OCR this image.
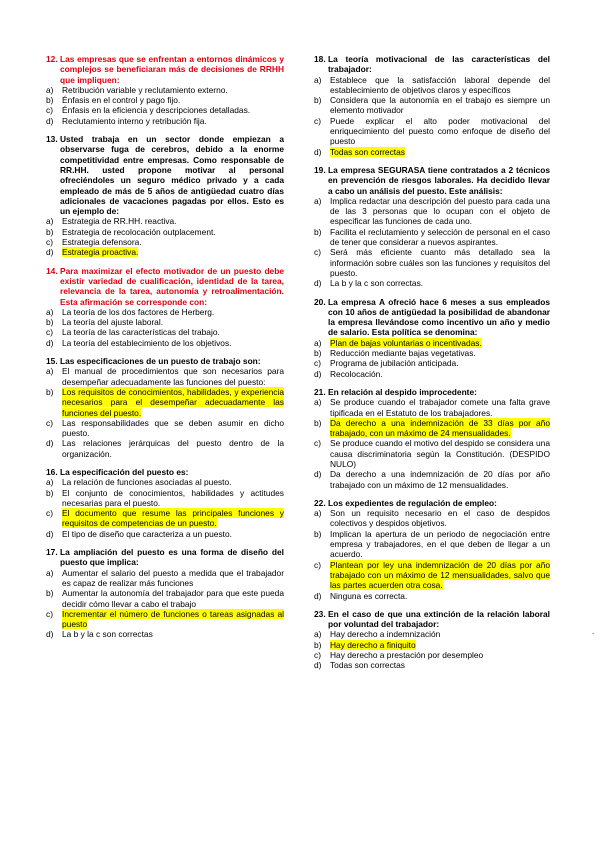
12. Las empresas que se enfrentan a entornos dinámicos y complejos se beneficiaran más de decisiones de RRHH que impliquen:
a)	Retribución variable y reclutamiento externo.
b)	Énfasis en el control y pago fijo.
c)	Énfasis en la eficiencia y descripciones detalladas.
d)	Reclutamiento interno y retribución fija.
13. Usted trabaja en un sector donde empiezan a observarse fuga de cerebros, debido a la enorme competitividad entre empresas. Como responsable de RR.HH. usted propone motivar al personal ofreciéndoles un seguro médico privado y a cada empleado de más de 5 años de antigüedad cuatro días adicionales de vacaciones pagadas por ellos. Esto es un ejemplo de:
a)	Estrategia de RR.HH. reactiva.
b)	Estrategia de recolocación outplacement.
c)	Estrategia defensora.
d)	Estrategia proactiva.
14. Para maximizar el efecto motivador de un puesto debe existir variedad de cualificación, identidad de la tarea, relevancia de la tarea, autonomía y retroalimentación. Esta afirmación se corresponde con:
a)	La teoría de los dos factores de Herberg.
b)	La teoría del ajuste laboral.
c)	La teoría de las características del trabajo.
d)	La teoría del establecimiento de los objetivos.
15. Las especificaciones de un puesto de trabajo son:
a)	El manual de procedimientos que son necesarios para desempeñar adecuadamente las funciones del puesto:
b)	Los requisitos de conocimientos, habilidades, y experiencia necesarios para el desempeñar adecuadamente las funciones del puesto.
c)	Las responsabilidades que se deben asumir en dicho puesto.
d)	Las relaciones jerárquicas del puesto dentro de la organización.
16. La especificación del puesto es:
a)	La relación de funciones asociadas al puesto.
b)	El conjunto de conocimientos, habilidades y actitudes necesarias para el puesto.
c)	El documento que resume las principales funciones y requisitos de competencias de un puesto.
d)	El tipo de diseño que caracteriza a un puesto.
17. La ampliación del puesto es una forma de diseño del puesto que implica:
a)	Aumentar el salario del puesto a medida que el trabajador es capaz de realizar más funciones
b)	Aumentar la autonomía del trabajador para que este pueda decidir cómo llevar a cabo el trabajo
c)	Incrementar el número de funciones o tareas asignadas al puesto
d)	La b y la c son correctas
18. La teoría motivacional de las características del trabajador:
a)	Establece que la satisfacción laboral depende del establecimiento de objetivos claros y específicos
b)	Considera que la autonomía en el trabajo es siempre un elemento motivador
c)	Puede explicar el alto poder motivacional del enriquecimiento del puesto como enfoque de diseño del puesto
d)	Todas son correctas
19. La empresa SEGURASA tiene contratados a 2 técnicos en prevención de riesgos laborales. Ha decidido llevar a cabo un análisis del puesto. Este análisis:
a)	Implica redactar una descripción del puesto para cada una de las 3 personas que lo ocupan con el objeto de especificar las funciones de cada uno.
b)	Facilita el reclutamiento y selección de personal en el caso de tener que considerar a nuevos aspirantes.
c)	Será más eficiente cuanto más detallado sea la información sobre cuáles son las funciones y requisitos del puesto.
d)	La b y la c son correctas.
20. La empresa A ofreció hace 6 meses a sus empleados con 10 años de antigüedad la posibilidad de abandonar la empresa llevándose como incentivo un año y medio de salario. Esta política se denomina:
a)	Plan de bajas voluntarias o incentivadas.
b)	Reducción mediante bajas vegetativas.
c)	Programa de jubilación anticipada.
d)	Recolocación.
21. En relación al despido improcedente:
a)	Se produce cuando el trabajador comete una falta grave tipificada en el Estatuto de los trabajadores.
b)	Da derecho a una indemnización de 33 días por año trabajado, con un máximo de 24 mensualidades.
c)	Se produce cuando el motivo del despido se considera una causa discriminatoria según la Constitución. (DESPIDO NULO)
d)	Da derecho a una indemnización de 20 días por año trabajado con un máximo de 12 mensualidades.
22. Los expedientes de regulación de empleo:
a)	Son un requisito necesario en el caso de despidos colectivos y despidos objetivos.
b)	Implican la apertura de un periodo de negociación entre empresa y trabajadores, en el que deben de llegar a un acuerdo.
c)	Plantean por ley una indemnización de 20 días por año trabajado con un máximo de 12 mensualidades, salvo que las partes acuerden otra cosa.
d)	Ninguna es correcta.
23. En el caso de que una extinción de la relación laboral por voluntad del trabajador:
a)	Hay derecho a indemnización
b)	Hay derecho a finiquito
c)	Hay derecho a prestación por desempleo
d)	Todas son correctas
.
